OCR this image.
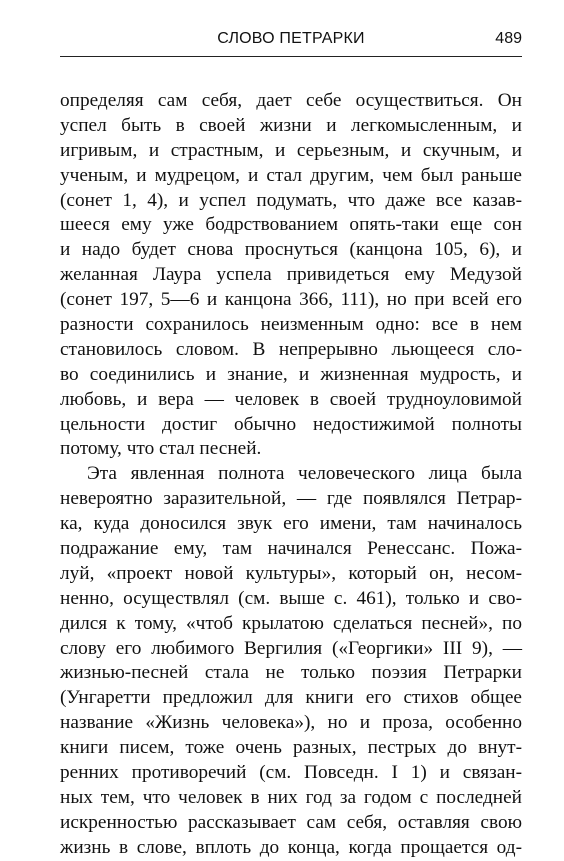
СЛОВО ПЕТРАРКИ	489
определяя сам себя, дает себе осуществиться. Он
успел быть в своей жизни и легкомысленным, и
игривым, и страстным, и серьезным, и скучным, и
ученым, и мудрецом, и стал другим, чем был раньше
(сонет 1, 4), и успел подумать, что даже все казав-
шееся ему уже бодрствованием опять-таки еще сон
и надо будет снова проснуться (канцона 105, 6), и
желанная Лаура успела привидеться ему Медузой
(сонет 197, 5—6 и канцона 366, 111), но при всей его
разности сохранилось неизменным одно: все в нем
становилось словом. В непрерывно льющееся сло-
во соединились и знание, и жизненная мудрость, и
любовь, и вера — человек в своей трудноуловимой
цельности достиг обычно недостижимой полноты
потому, что стал песней.
Эта явленная полнота человеческого лица была
невероятно заразительной, — где появлялся Петрар-
ка, куда доносился звук его имени, там начиналось
подражание ему, там начинался Ренессанс. Пожа-
луй, «проект новой культуры», который он, несом-
ненно, осуществлял (см. выше с. 461), только и сво-
дился к тому, «чтоб крылатою сделаться песней», по
слову его любимого Вергилия («Георгики» III 9), —
жизнью-песней стала не только поэзия Петрарки
(Унгаретти предложил для книги его стихов общее
название «Жизнь человека»), но и проза, особенно
книги писем, тоже очень разных, пестрых до внут-
ренних противоречий (см. Повседн. I 1) и связан-
ных тем, что человек в них год за годом с последней
искренностью рассказывает сам себя, оставляя свою
жизнь в слове, вплоть до конца, когда прощается од-
